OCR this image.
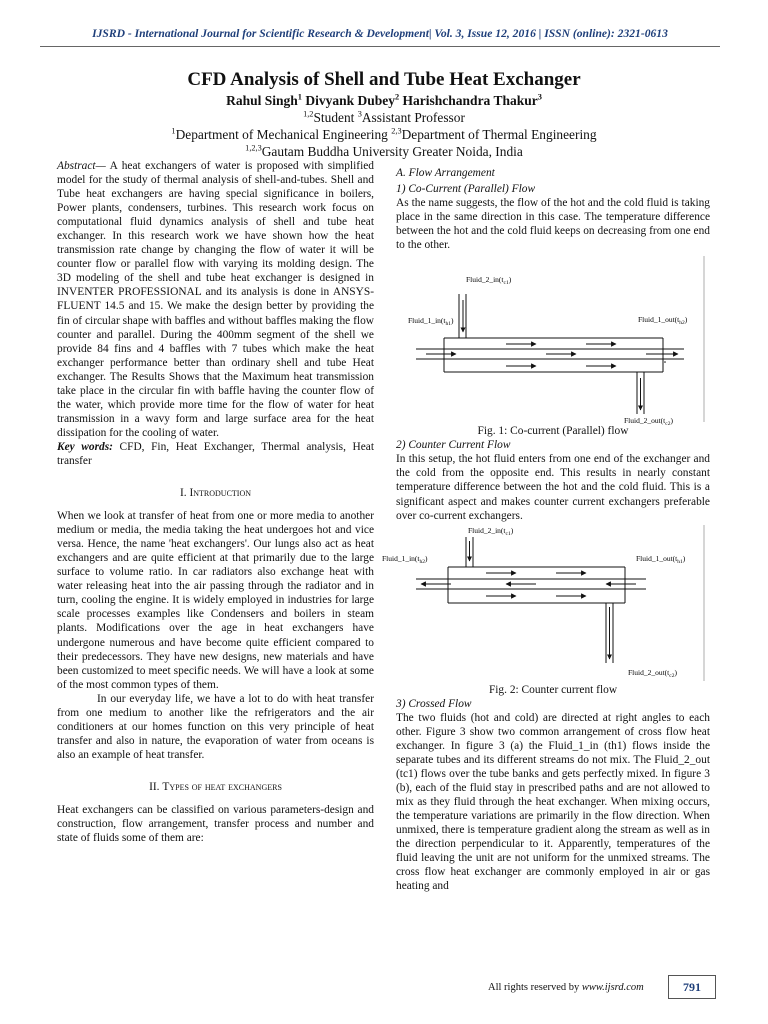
IJSRD - International Journal for Scientific Research & Development| Vol. 3, Issue 12, 2016 | ISSN (online): 2321-0613
CFD Analysis of Shell and Tube Heat Exchanger
Rahul Singh$^1$ Divyank Dubey$^2$ Harishchandra Thakur$^3$
$^{1,2}$Student $^3$Assistant Professor
$^1$Department of Mechanical Engineering $^{2,3}$Department of Thermal Engineering
$^{1,2,3}$Gautam Buddha University Greater Noida, India

Abstract— A heat exchangers of water is proposed with simplified model for the study of thermal analysis of shell-and-tubes. Shell and Tube heat exchangers are having special significance in boilers, Power plants, condensers, turbines. This research work focus on computational fluid dynamics analysis of shell and tube heat exchanger. In this research work we have shown how the heat transmission rate change by changing the flow of water it will be counter flow or parallel flow with varying its molding design. The 3D modeling of the shell and tube heat exchanger is designed in INVENTER PROFESSIONAL and its analysis is done in ANSYS-FLUENT 14.5 and 15. We make the design better by providing the fin of circular shape with baffles and without baffles making the flow counter and parallel. During the 400mm segment of the shell we provide 84 fins and 4 baffles with 7 tubes which make the heat exchanger performance better than ordinary shell and tube Heat exchanger. The Results Shows that the Maximum heat transmission take place in the circular fin with baffle having the counter flow of the water, which provide more time for the flow of water for heat transmission in a wavy form and large surface area for the heat dissipation for the cooling of water.

Key words: CFD, Fin, Heat Exchanger, Thermal analysis, Heat transfer

I. Introduction

When we look at transfer of heat from one or more media to another medium or media, the media taking the heat undergoes hot and vice versa. Hence, the name 'heat exchangers'. Our lungs also act as heat exchangers and are quite efficient at that primarily due to the large surface to volume ratio. In car radiators also exchange heat with water releasing heat into the air passing through the radiator and in turn, cooling the engine. It is widely employed in industries for large scale processes examples like Condensers and boilers in steam plants. Modifications over the age in heat exchangers have undergone numerous and have become quite efficient compared to their predecessors. They have new designs, new materials and have been customized to meet specific needs. We will have a look at some of the most common types of them.

In our everyday life, we have a lot to do with heat transfer from one medium to another like the refrigerators and the air conditioners at our homes function on this very principle of heat transfer and also in nature, the evaporation of water from oceans is also an example of heat transfer.

II. Types of heat exchangers

Heat exchangers can be classified on various parameters-design and construction, flow arrangement, transfer process and number and state of fluids some of them are:

A. Flow Arrangement

1) Co-Current (Parallel) Flow

As the name suggests, the flow of the hot and the cold fluid is taking place in the same direction in this case. The temperature difference between the hot and the cold fluid keeps on decreasing from one end to the other.

$Fluid\_2\_in(t_{c1})$
$Fluid\_1\_in(t_{h1})$	$Fluid\_1\_out(t_{h2})$
$Fluid\_2\_out(t_{c2})$

Fig. 1: Co-current (Parallel) flow

2) Counter Current Flow

In this setup, the hot fluid enters from one end of the exchanger and the cold from the opposite end. This results in nearly constant temperature difference between the hot and the cold fluid. This is a significant aspect and makes counter current exchangers preferable over co-current exchangers.

$Fluid\_2\_in(t_{c1})$
$Fluid\_1\_in(t_{h2})$	$Fluid\_1\_out(t_{h1})$
$Fluid\_2\_out(t_{c2})$

Fig. 2: Counter current flow

3) Crossed Flow

The two fluids (hot and cold) are directed at right angles to each other. Figure 3 show two common arrangement of cross flow heat exchanger. In figure 3 (a) the Fluid_1_in (th1) flows inside the separate tubes and its different streams do not mix. The Fluid_2_out (tc1) flows over the tube banks and gets perfectly mixed. In figure 3 (b), each of the fluid stay in prescribed paths and are not allowed to mix as they fluid through the heat exchanger. When mixing occurs, the temperature variations are primarily in the flow direction. When unmixed, there is temperature gradient along the stream as well as in the direction perpendicular to it. Apparently, temperatures of the fluid leaving the unit are not uniform for the unmixed streams. The cross flow heat exchanger are commonly employed in air or gas heating and

All rights reserved by www.ijsrd.com	791
